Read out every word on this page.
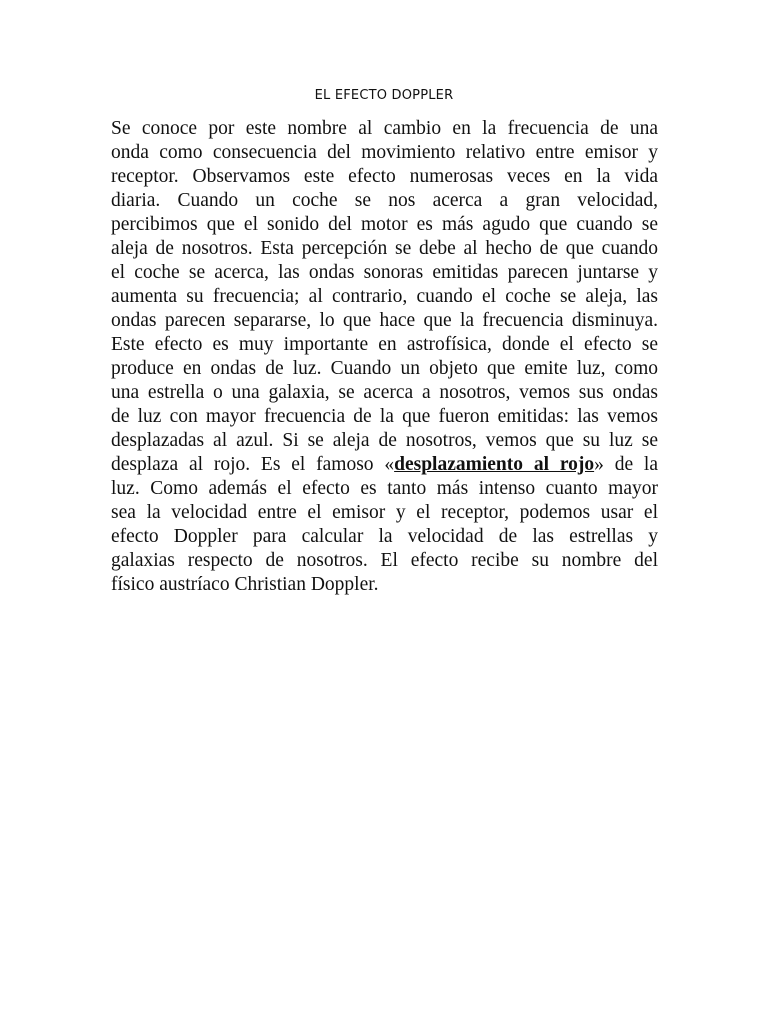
EL EFECTO DOPPLER

Se conoce por este nombre al cambio en la frecuencia de una
onda como consecuencia del movimiento relativo entre emisor y
receptor. Observamos este efecto numerosas veces en la vida
diaria. Cuando un coche se nos acerca a gran velocidad,
percibimos que el sonido del motor es más agudo que cuando se
aleja de nosotros. Esta percepción se debe al hecho de que cuando
el coche se acerca, las ondas sonoras emitidas parecen juntarse y
aumenta su frecuencia; al contrario, cuando el coche se aleja, las
ondas parecen separarse, lo que hace que la frecuencia disminuya.
Este efecto es muy importante en astrofísica, donde el efecto se
produce en ondas de luz. Cuando un objeto que emite luz, como
una estrella o una galaxia, se acerca a nosotros, vemos sus ondas
de luz con mayor frecuencia de la que fueron emitidas: las vemos
desplazadas al azul. Si se aleja de nosotros, vemos que su luz se
desplaza al rojo. Es el famoso «desplazamiento al rojo» de la
luz. Como además el efecto es tanto más intenso cuanto mayor
sea la velocidad entre el emisor y el receptor, podemos usar el
efecto Doppler para calcular la velocidad de las estrellas y
galaxias respecto de nosotros. El efecto recibe su nombre del
físico austríaco Christian Doppler.
